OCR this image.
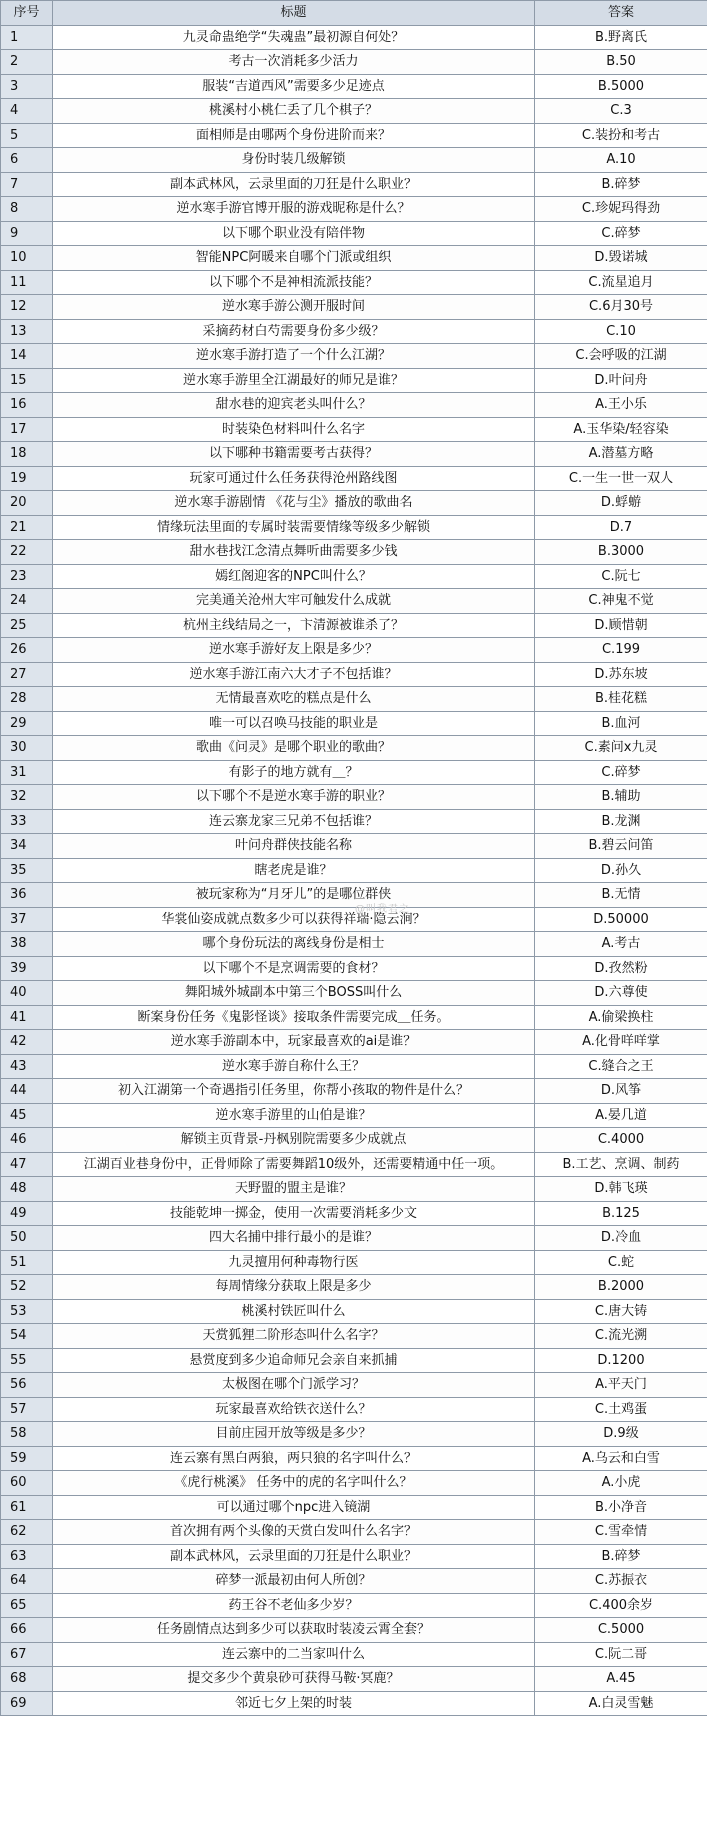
序号	标题	答案
1	九灵命蛊绝学“失魂蛊”最初源自何处？	B.野离氏
2	考古一次消耗多少活力	B.50
3	服装“吉道西风”需要多少足迹点	B.5000
4	桃溪村小桃仁丢了几个棋子？	C.3
5	面相师是由哪两个身份进阶而来？	C.装扮和考古
6	身份时装几级解锁	A.10
7	副本武林风，云录里面的刀狂是什么职业？	B.碎梦
8	逆水寒手游官博开服的游戏昵称是什么？	C.珍妮玛得劲
9	以下哪个职业没有陪伴物	C.碎梦
10	智能NPC阿暖来自哪个门派或组织	D.毁诺城
11	以下哪个不是神相流派技能？	C.流星追月
12	逆水寒手游公测开服时间	C.6月30号
13	采摘药材白芍需要身份多少级？	C.10
14	逆水寒手游打造了一个什么江湖？	C.会呼吸的江湖
15	逆水寒手游里全江湖最好的师兄是谁？	D.叶问舟
16	甜水巷的迎宾老头叫什么？	A.王小乐
17	时装染色材料叫什么名字	A.玉华染/轻容染
18	以下哪种书籍需要考古获得？	A.潜墓方略
19	玩家可通过什么任务获得沧州路线图	C.一生一世一双人
20	逆水寒手游剧情 《花与尘》播放的歌曲名	D.蜉蝣
21	情缘玩法里面的专属时装需要情缘等级多少解锁	D.7
22	甜水巷找江念清点舞听曲需要多少钱	B.3000
23	嫣红阁迎客的NPC叫什么？	C.阮七
24	完美通关沧州大牢可触发什么成就	C.神鬼不觉
25	杭州主线结局之一，卞清源被谁杀了？	D.顾惜朝
26	逆水寒手游好友上限是多少？	C.199
27	逆水寒手游江南六大才子不包括谁？	D.苏东坡
28	无情最喜欢吃的糕点是什么	B.桂花糕
29	唯一可以召唤马技能的职业是	B.血河
30	歌曲《问灵》是哪个职业的歌曲？	C.素问x九灵
31	有影子的地方就有＿？	C.碎梦
32	以下哪个不是逆水寒手游的职业？	B.辅助
33	连云寨龙家三兄弟不包括谁？	B.龙渊
34	叶问舟群侠技能名称	B.碧云问笛
35	瞎老虎是谁？	D.孙久
36	被玩家称为“月牙儿”的是哪位群侠	B.无情
37	华裳仙姿成就点数多少可以获得祥瑞·隐云涧？	D.50000
38	哪个身份玩法的离线身份是相士	A.考古
39	以下哪个不是烹调需要的食材？	D.孜然粉
40	舞阳城外城副本中第三个BOSS叫什么	D.六尊使
41	断案身份任务《鬼影怪谈》接取条件需要完成＿任务。	A.偷梁换柱
42	逆水寒手游副本中，玩家最喜欢的ai是谁？	A.化骨咩咩掌
43	逆水寒手游自称什么王？	C.缝合之王
44	初入江湖第一个奇遇指引任务里，你帮小孩取的物件是什么？	D.风筝
45	逆水寒手游里的山伯是谁？	A.晏几道
46	解锁主页背景-丹枫别院需要多少成就点	C.4000
47	江湖百业巷身份中，正骨师除了需要舞蹈10级外，还需要精通中任一项。	B.工艺、烹调、制药
48	天野盟的盟主是谁？	D.韩飞瑛
49	技能乾坤一掷金，使用一次需要消耗多少文	B.125
50	四大名捕中排行最小的是谁？	D.冷血
51	九灵擅用何种毒物行医	C.蛇
52	每周情缘分获取上限是多少	B.2000
53	桃溪村铁匠叫什么	C.唐大铸
54	天赏狐狸二阶形态叫什么名字？	C.流光溯
55	悬赏度到多少追命师兄会亲自来抓捕	D.1200
56	太极图在哪个门派学习？	A.平天门
57	玩家最喜欢给铁衣送什么？	C.土鸡蛋
58	目前庄园开放等级是多少？	D.9级
59	连云寨有黑白两狼，两只狼的名字叫什么？	A.乌云和白雪
60	《虎行桃溪》 任务中的虎的名字叫什么？	A.小虎
61	可以通过哪个npc进入镜湖	B.小净音
62	首次拥有两个头像的天赏白发叫什么名字？	C.雪牵情
63	副本武林风，云录里面的刀狂是什么职业？	B.碎梦
64	碎梦一派最初由何人所创？	C.苏振衣
65	药王谷不老仙多少岁？	C.400余岁
66	任务剧情点达到多少可以获取时装凌云霄全套？	C.5000
67	连云寨中的二当家叫什么	C.阮二哥
68	提交多少个黄泉砂可获得马鞍·冥鹿？	A.45
69	邻近七夕上架的时装	A.白灵雪魅
@叫我君之
